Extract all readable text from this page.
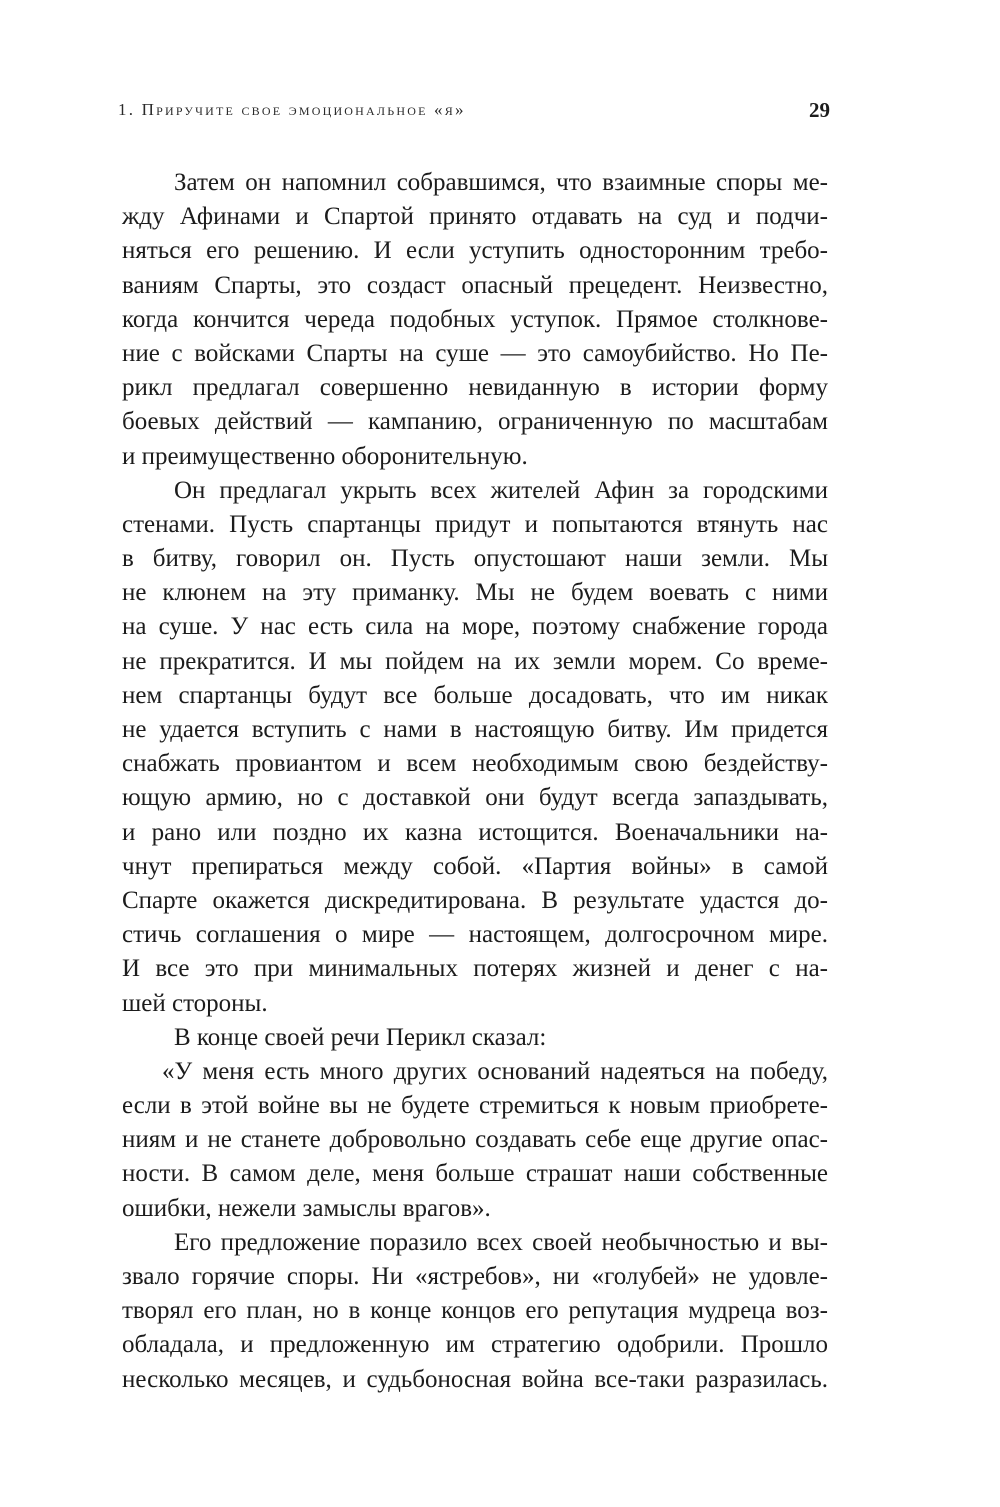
1. Приручите свое эмоциональное «я»	29
Затем он напомнил собравшимся, что взаимные споры ме-
жду Афинами и Спартой принято отдавать на суд и подчи-
няться его решению. И если уступить односторонним требо-
ваниям Спарты, это создаст опасный прецедент. Неизвестно,
когда кончится череда подобных уступок. Прямое столкнове-
ние с войсками Спарты на суше — это самоубийство. Но Пе-
рикл предлагал совершенно невиданную в истории форму
боевых действий — кампанию, ограниченную по масштабам
и преимущественно оборонительную.
Он предлагал укрыть всех жителей Афин за городскими
стенами. Пусть спартанцы придут и попытаются втянуть нас
в битву, говорил он. Пусть опустошают наши земли. Мы
не клюнем на эту приманку. Мы не будем воевать с ними
на суше. У нас есть сила на море, поэтому снабжение города
не прекратится. И мы пойдем на их земли морем. Со време-
нем спартанцы будут все больше досадовать, что им никак
не удается вступить с нами в настоящую битву. Им придется
снабжать провиантом и всем необходимым свою бездейству-
ющую армию, но с доставкой они будут всегда запаздывать,
и рано или поздно их казна истощится. Военачальники на-
чнут препираться между собой. «Партия войны» в самой
Спарте окажется дискредитирована. В результате удастся до-
стичь соглашения о мире — настоящем, долгосрочном мире.
И все это при минимальных потерях жизней и денег с на-
шей стороны.
В конце своей речи Перикл сказал:
«У меня есть много других оснований надеяться на победу,
если в этой войне вы не будете стремиться к новым приобрете-
ниям и не станете добровольно создавать себе еще другие опас-
ности. В самом деле, меня больше страшат наши собственные
ошибки, нежели замыслы врагов».
Его предложение поразило всех своей необычностью и вы-
звало горячие споры. Ни «ястребов», ни «голубей» не удовле-
творял его план, но в конце концов его репутация мудреца воз-
обладала, и предложенную им стратегию одобрили. Прошло
несколько месяцев, и судьбоносная война все-таки разразилась.
